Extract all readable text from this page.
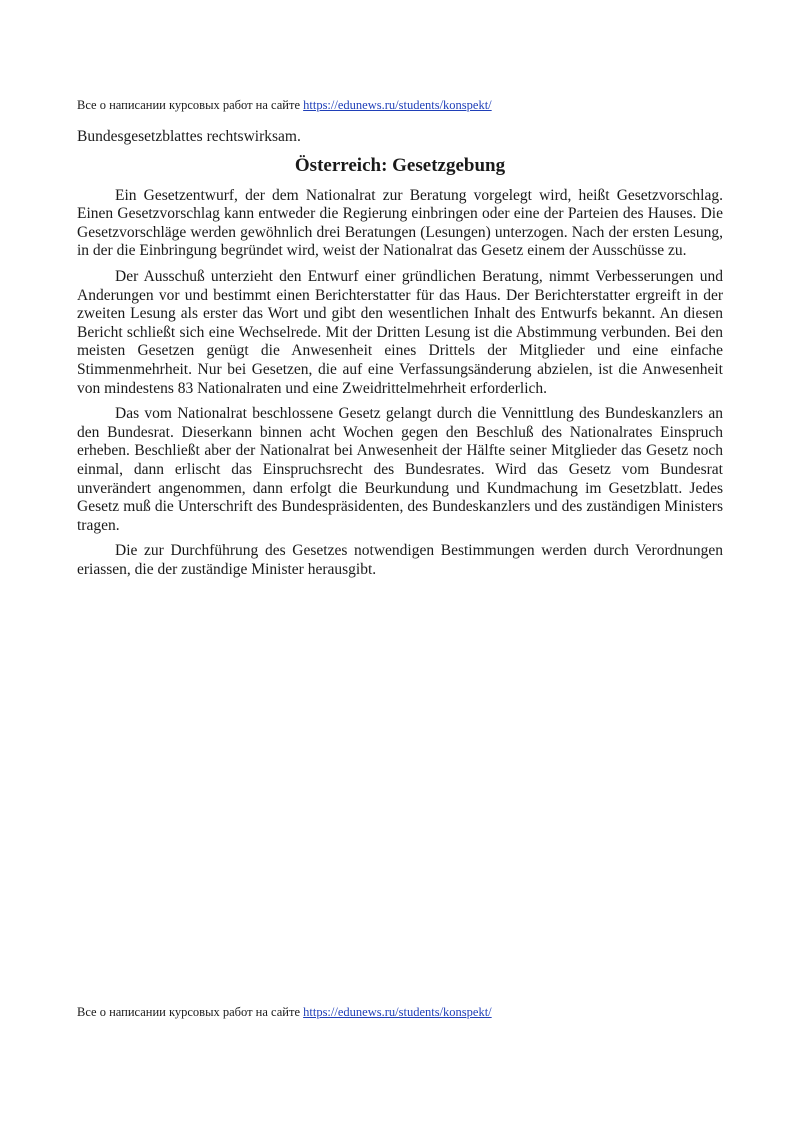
Все о написании курсовых работ на сайте https://edunews.ru/students/konspekt/

Bundesgesetzblattes rechtswirksam.

Österreich: Gesetzgebung

Ein Gesetzentwurf, der dem Nationalrat zur Beratung vorgelegt wird, heißt Gesetzvorschlag. Einen Gesetzvorschlag kann entweder die Regierung einbringen oder eine der Parteien des Hauses. Die Gesetzvorschläge werden gewöhnlich drei Beratungen (Lesungen) unterzogen. Nach der ersten Lesung, in der die Einbringung begründet wird, weist der Nationalrat das Gesetz einem der Ausschüsse zu.

Der Ausschuß unterzieht den Entwurf einer gründlichen Beratung, nimmt Verbesserungen und Anderungen vor und bestimmt einen Berichterstatter für das Haus. Der Berichterstatter ergreift in der zweiten Lesung als erster das Wort und gibt den wesentlichen Inhalt des Entwurfs bekannt. An diesen Bericht schließt sich eine Wechselrede. Mit der Dritten Lesung ist die Abstimmung verbunden. Bei den meisten Gesetzen genügt die Anwesenheit eines Drittels der Mitglieder und eine einfache Stimmenmehrheit. Nur bei Gesetzen, die auf eine Verfassungsänderung abzielen, ist die Anwesenheit von mindestens 83 Nationalraten und eine Zweidrittelmehrheit erforderlich.

Das vom Nationalrat beschlossene Gesetz gelangt durch die Vennittlung des Bundeskanzlers an den Bundesrat. Dieserkann binnen acht Wochen gegen den Beschluß des Nationalrates Einspruch erheben. Beschließt aber der Nationalrat bei Anwesenheit der Hälfte seiner Mitglieder das Gesetz noch einmal, dann erlischt das Einspruchsrecht des Bundesrates. Wird das Gesetz vom Bundesrat unverändert angenommen, dann erfolgt die Beurkundung und Kundmachung im Gesetzblatt. Jedes Gesetz muß die Unterschrift des Bundespräsidenten, des Bundeskanzlers und des zuständigen Ministers tragen.

Die zur Durchführung des Gesetzes notwendigen Bestimmungen werden durch Verordnungen eriassen, die der zuständige Minister herausgibt.

Все о написании курсовых работ на сайте https://edunews.ru/students/konspekt/
